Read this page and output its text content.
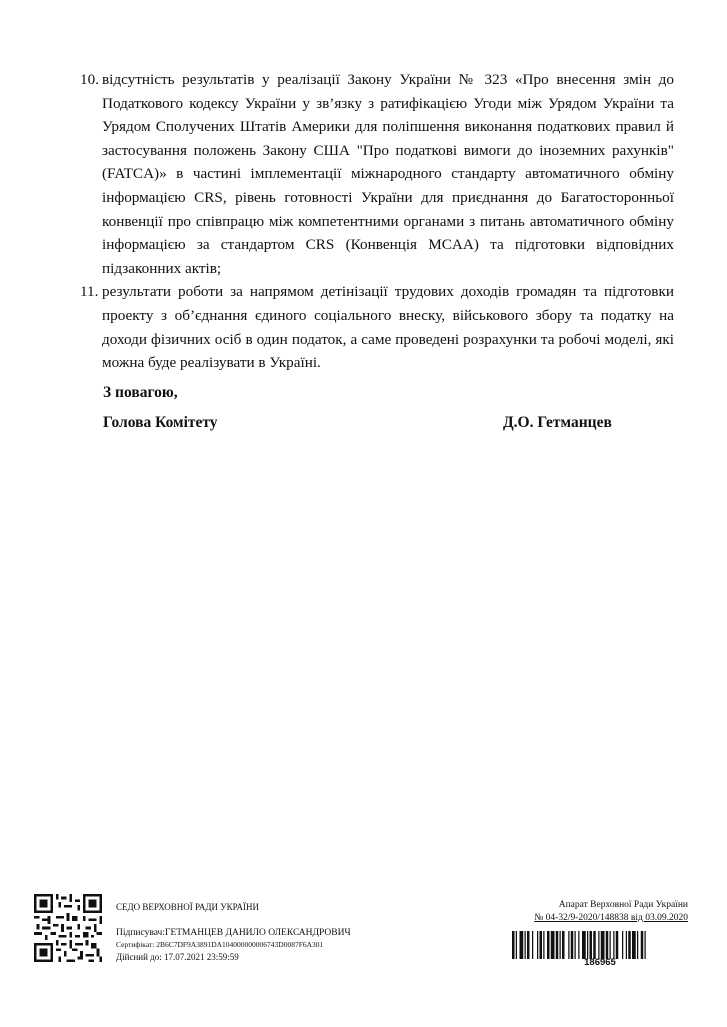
10. відсутність результатів у реалізації Закону України № 323 «Про внесення змін до Податкового кодексу України у зв’язку з ратифікацією Угоди між Урядом України та Урядом Сполучених Штатів Америки для поліпшення виконання податкових правил й застосування положень Закону США "Про податкові вимоги до іноземних рахунків" (FATCA)» в частині імплементації міжнародного стандарту автоматичного обміну інформацією CRS, рівень готовності України для приєднання до Багатосторонньої конвенції про співпрацю між компетентними органами з питань автоматичного обміну інформацією за стандартом CRS (Конвенція MCAA) та підготовки відповідних підзаконних актів;
11. результати роботи за напрямом детінізації трудових доходів громадян та підготовки проекту з об’єднання єдиного соціального внеску, військового збору та податку на доходи фізичних осіб в один податок, а саме проведені розрахунки та робочі моделі, які можна буде реалізувати в Україні.
З повагою,
Голова Комітету	Д.О. Гетманцев
СЕДО ВЕРХОВНОЇ РАДИ УКРАЇНИ
Підписувач:ГЕТМАНЦЕВ ДАНИЛО ОЛЕКСАНДРОВИЧ
Сертифікат: 2B6C7DF9A3891DA104000000006743D0087F6A301
Дійсний до: 17.07.2021 23:59:59
Апарат Верховної Ради України
№ 04-32/9-2020/148838 від 03.09.2020
186965
